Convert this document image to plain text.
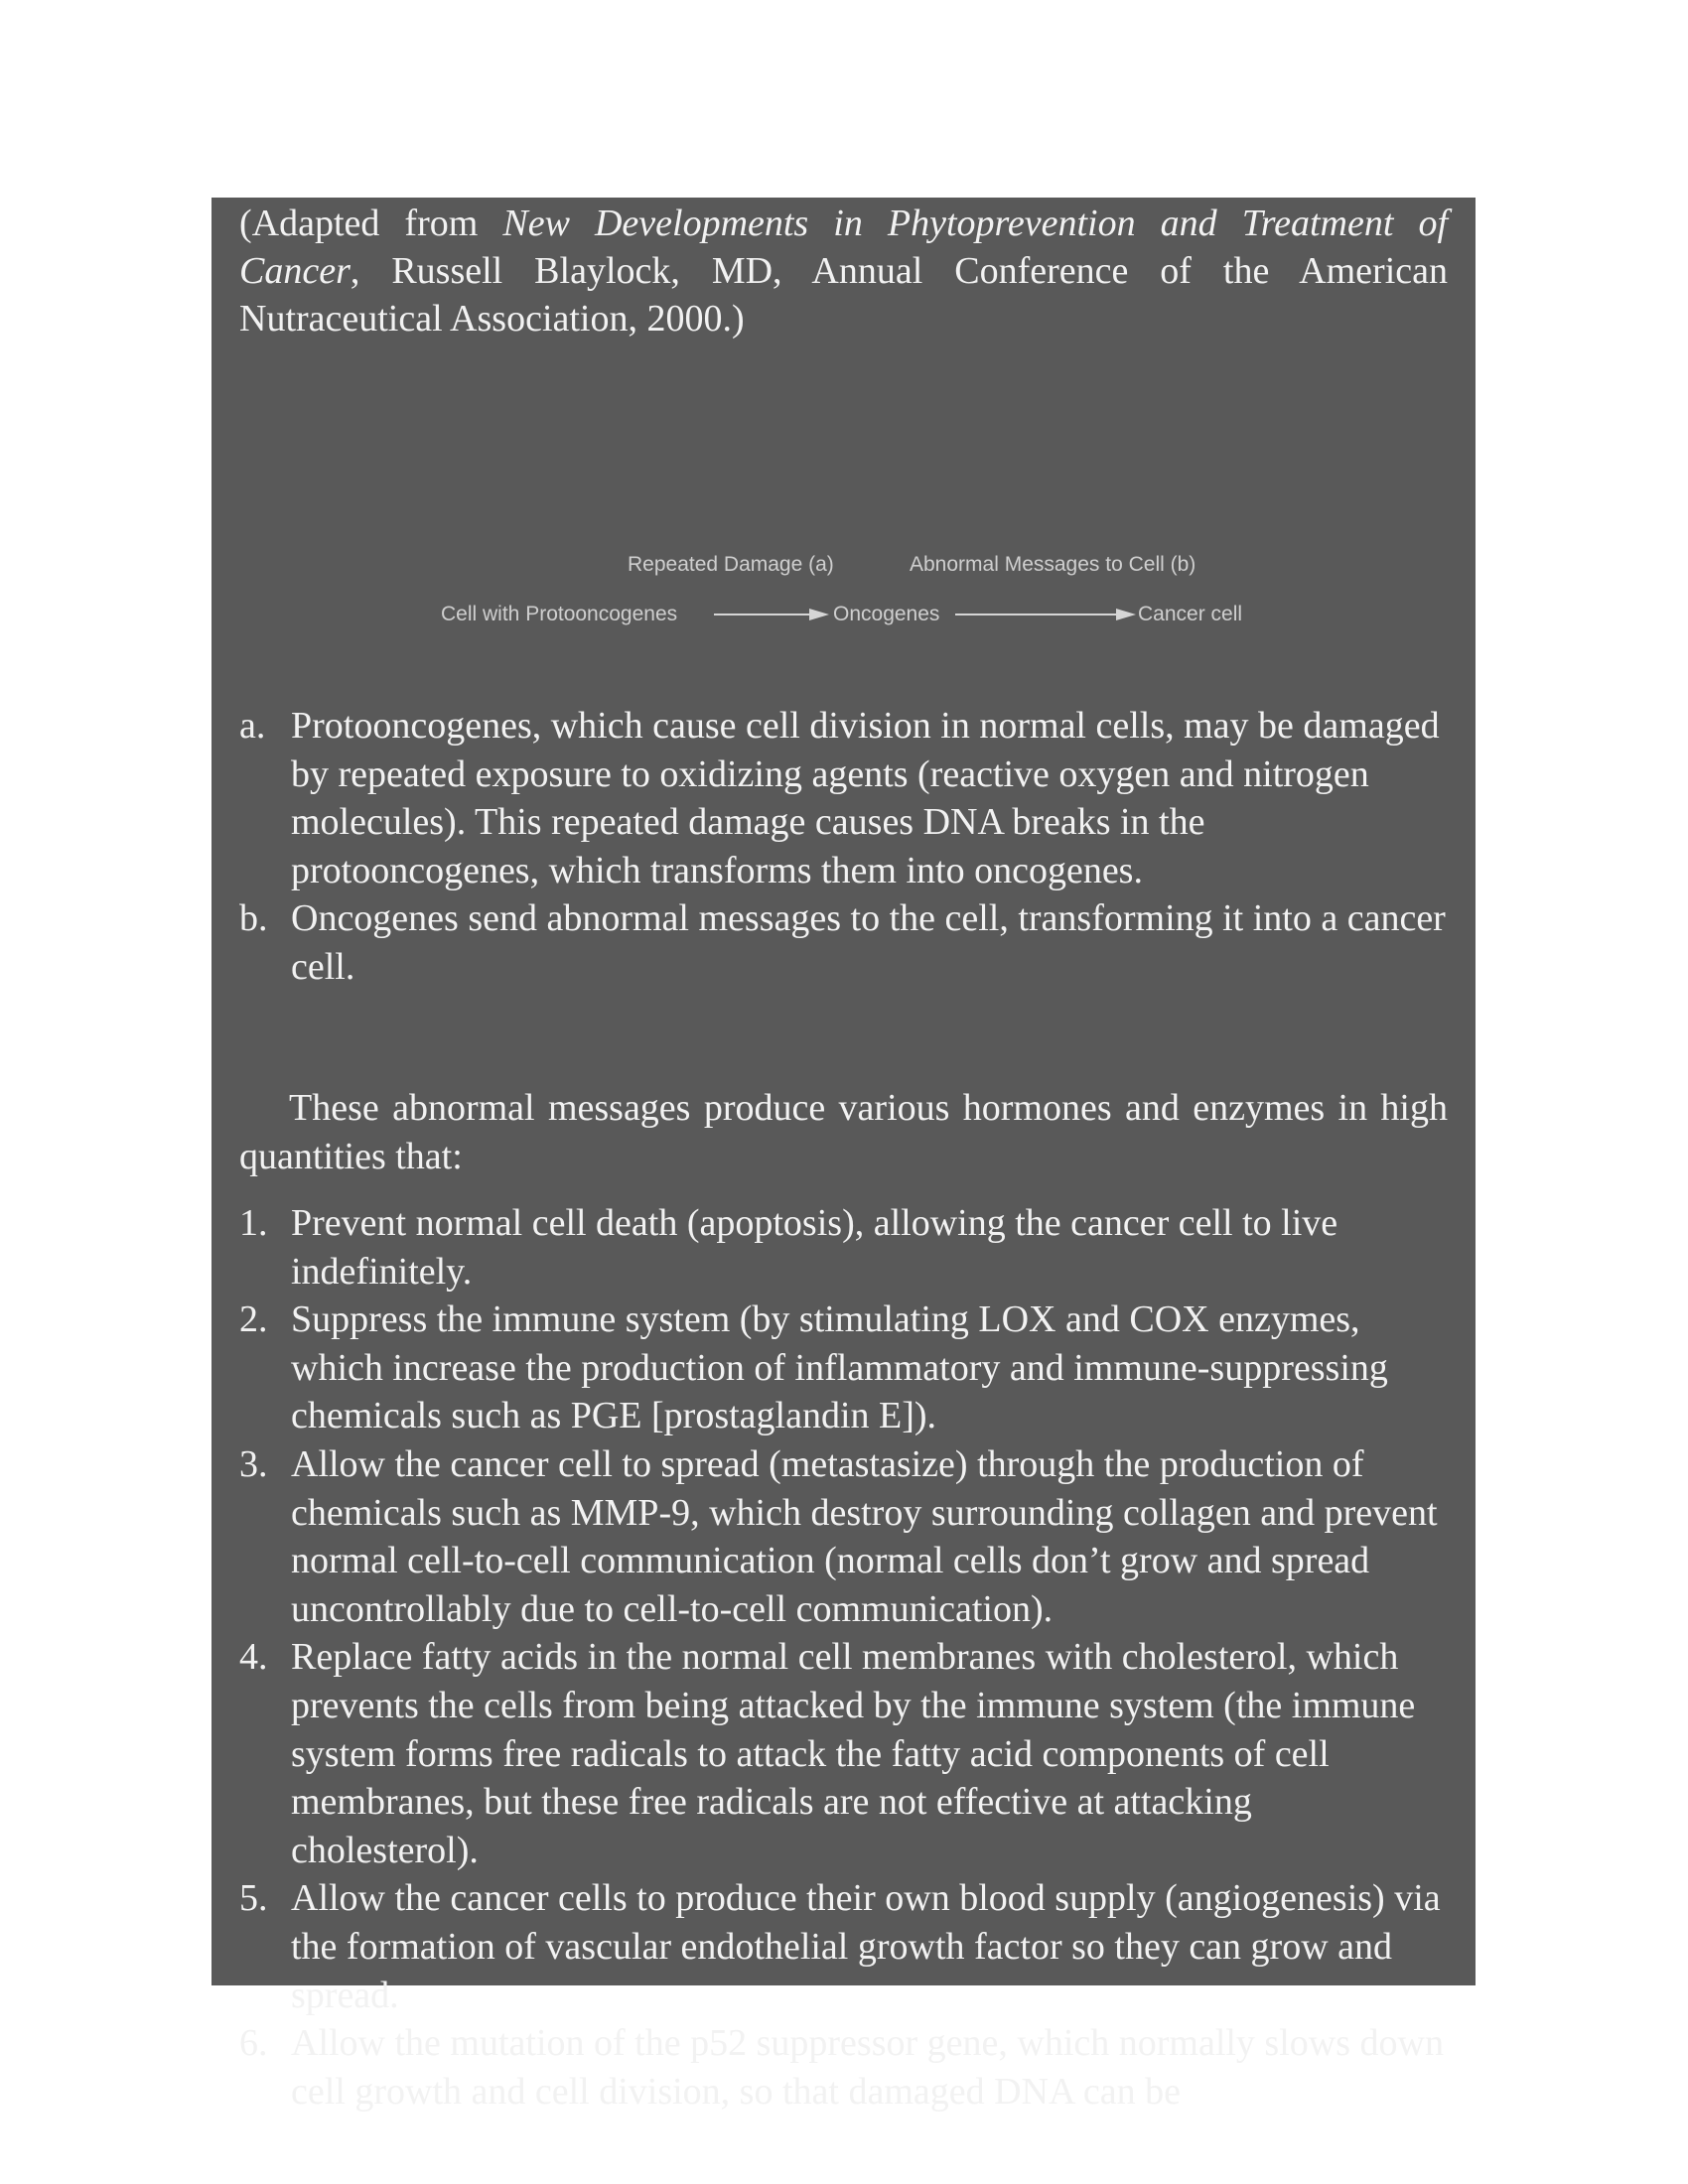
(Adapted from New Developments in Phytoprevention and Treatment of Cancer, Russell Blaylock, MD, Annual Conference of the American Nutraceutical Association, 2000.)
Repeated Damage (a)	Abnormal Messages to Cell (b)
Cell with Protooncogenes	Oncogenes	Cancer cell

a. Protooncogenes, which cause cell division in normal cells, may be damaged by repeated exposure to oxidizing agents (reactive oxygen and nitrogen molecules). This repeated damage causes DNA breaks in the protooncogenes, which transforms them into oncogenes.

b. Oncogenes send abnormal messages to the cell, transforming it into a cancer cell.

These abnormal messages produce various hormones and enzymes in high quantities that:

1. Prevent normal cell death (apoptosis), allowing the cancer cell to live indefinitely.

2. Suppress the immune system (by stimulating LOX and COX enzymes, which increase the production of inflammatory and immune-suppressing chemicals such as PGE [prostaglandin E]).

3. Allow the cancer cell to spread (metastasize) through the production of chemicals such as MMP-9, which destroy surrounding collagen and prevent normal cell-to-cell communication (normal cells don’t grow and spread uncontrollably due to cell-to-cell communication).

4. Replace fatty acids in the normal cell membranes with cholesterol, which prevents the cells from being attacked by the immune system (the immune system forms free radicals to attack the fatty acid components of cell membranes, but these free radicals are not effective at attacking cholesterol).

5. Allow the cancer cells to produce their own blood supply (angiogenesis) via the formation of vascular endothelial growth factor so they can grow and spread.

6. Allow the mutation of the p52 suppressor gene, which normally slows down cell growth and cell division, so that damaged DNA can be
